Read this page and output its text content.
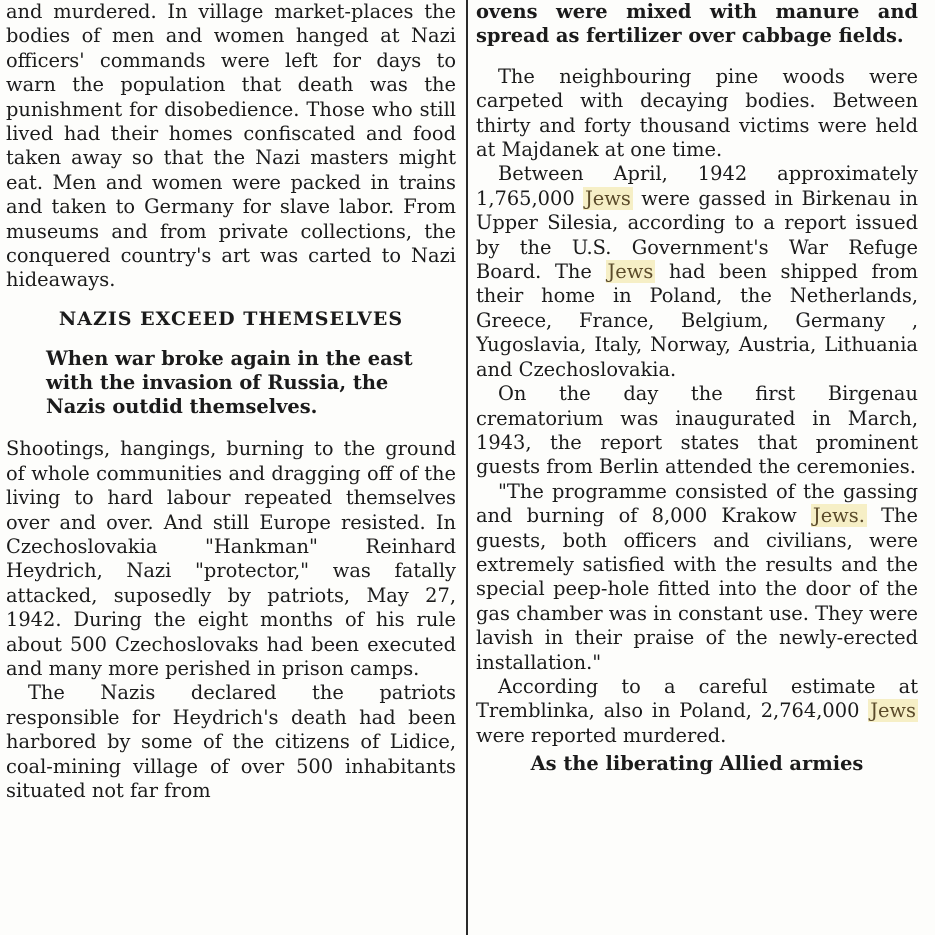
and murdered. In village market-places the bodies of men and women hanged at Nazi officers' commands were left for days to warn the population that death was the punishment for disobedience. Those who still lived had their homes confiscated and food taken away so that the Nazi masters might eat. Men and women were packed in trains and taken to Germany for slave labor. From museums and from private collections, the conquered country's art was carted to Nazi hideaways.

NAZIS EXCEED THEMSELVES

When war broke again in the east with the invasion of Russia, the Nazis outdid themselves.

Shootings, hangings, burning to the ground of whole communities and dragging off of the living to hard labour repeated themselves over and over. And still Europe resisted. In Czechoslovakia "Hankman" Reinhard Heydrich, Nazi "protector," was fatally attacked, suposedly by patriots, May 27, 1942. During the eight months of his rule about 500 Czechoslovaks had been executed and many more perished in prison camps.

The Nazis declared the patriots responsible for Heydrich's death had been harbored by some of the citizens of Lidice, coal-mining village of over 500 inhabitants situated not far from

ovens were mixed with manure and spread as fertilizer over cabbage fields.

The neighbouring pine woods were carpeted with decaying bodies. Between thirty and forty thousand victims were held at Majdanek at one time.

Between April, 1942 approximately 1,765,000 Jews were gassed in Birkenau in Upper Silesia, according to a report issued by the U.S. Government's War Refuge Board. The Jews had been shipped from their home in Poland, the Netherlands, Greece, France, Belgium, Germany , Yugoslavia, Italy, Norway, Austria, Lithuania and Czechoslovakia.

On the day the first Birgenau crematorium was inaugurated in March, 1943, the report states that prominent guests from Berlin attended the ceremonies.

"The programme consisted of the gassing and burning of 8,000 Krakow Jews. The guests, both officers and civilians, were extremely satisfied with the results and the special peep-hole fitted into the door of the gas chamber was in constant use. They were lavish in their praise of the newly-erected installation."

According to a careful estimate at Tremblinka, also in Poland, 2,764,000 Jews were reported murdered.

As the liberating Allied armies
